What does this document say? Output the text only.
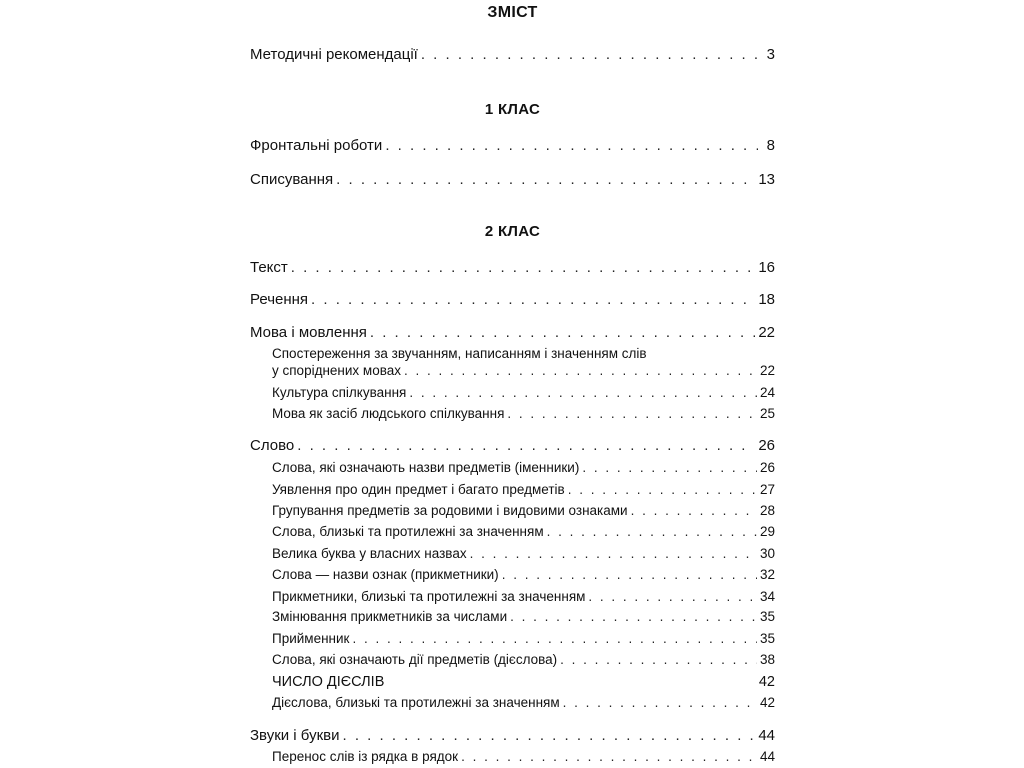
ЗМІСТ
Методичні рекомендації . . .	3
1 КЛАС
Фронтальні роботи . . .	8
Списування . . .	13
2 КЛАС
Текст . . .	16
Речення . . .	18
Мова і мовлення . . .	22
Спостереження за звучанням, написанням і значенням слів
у споріднених мовах . . .	22
Культура спілкування . . .	24
Мова як засіб людського спілкування . . .	25
Слово . . .	26
Слова, які означають назви предметів (іменники) . . .	26
Уявлення про один предмет і багато предметів . . .	27
Групування предметів за родовими і видовими ознаками . . .	28
Слова, близькі та протилежні за значенням . . .	29
Велика буква у власних назвах . . .	30
Слова — назви ознак (прикметники) . . .	32
Прикметники, близькі та протилежні за значенням . . .	34
Змінювання прикметників за числами . . .	35
Прийменник . . .	35
Слова, які означають дії предметів (дієслова) . . .	38
ЧИСЛО ДІЄСЛІВ	42
Дієслова, близькі та протилежні за значенням . . .	42
Звуки і букви . . .	44
Перенос слів із рядка в рядок . . .	44
